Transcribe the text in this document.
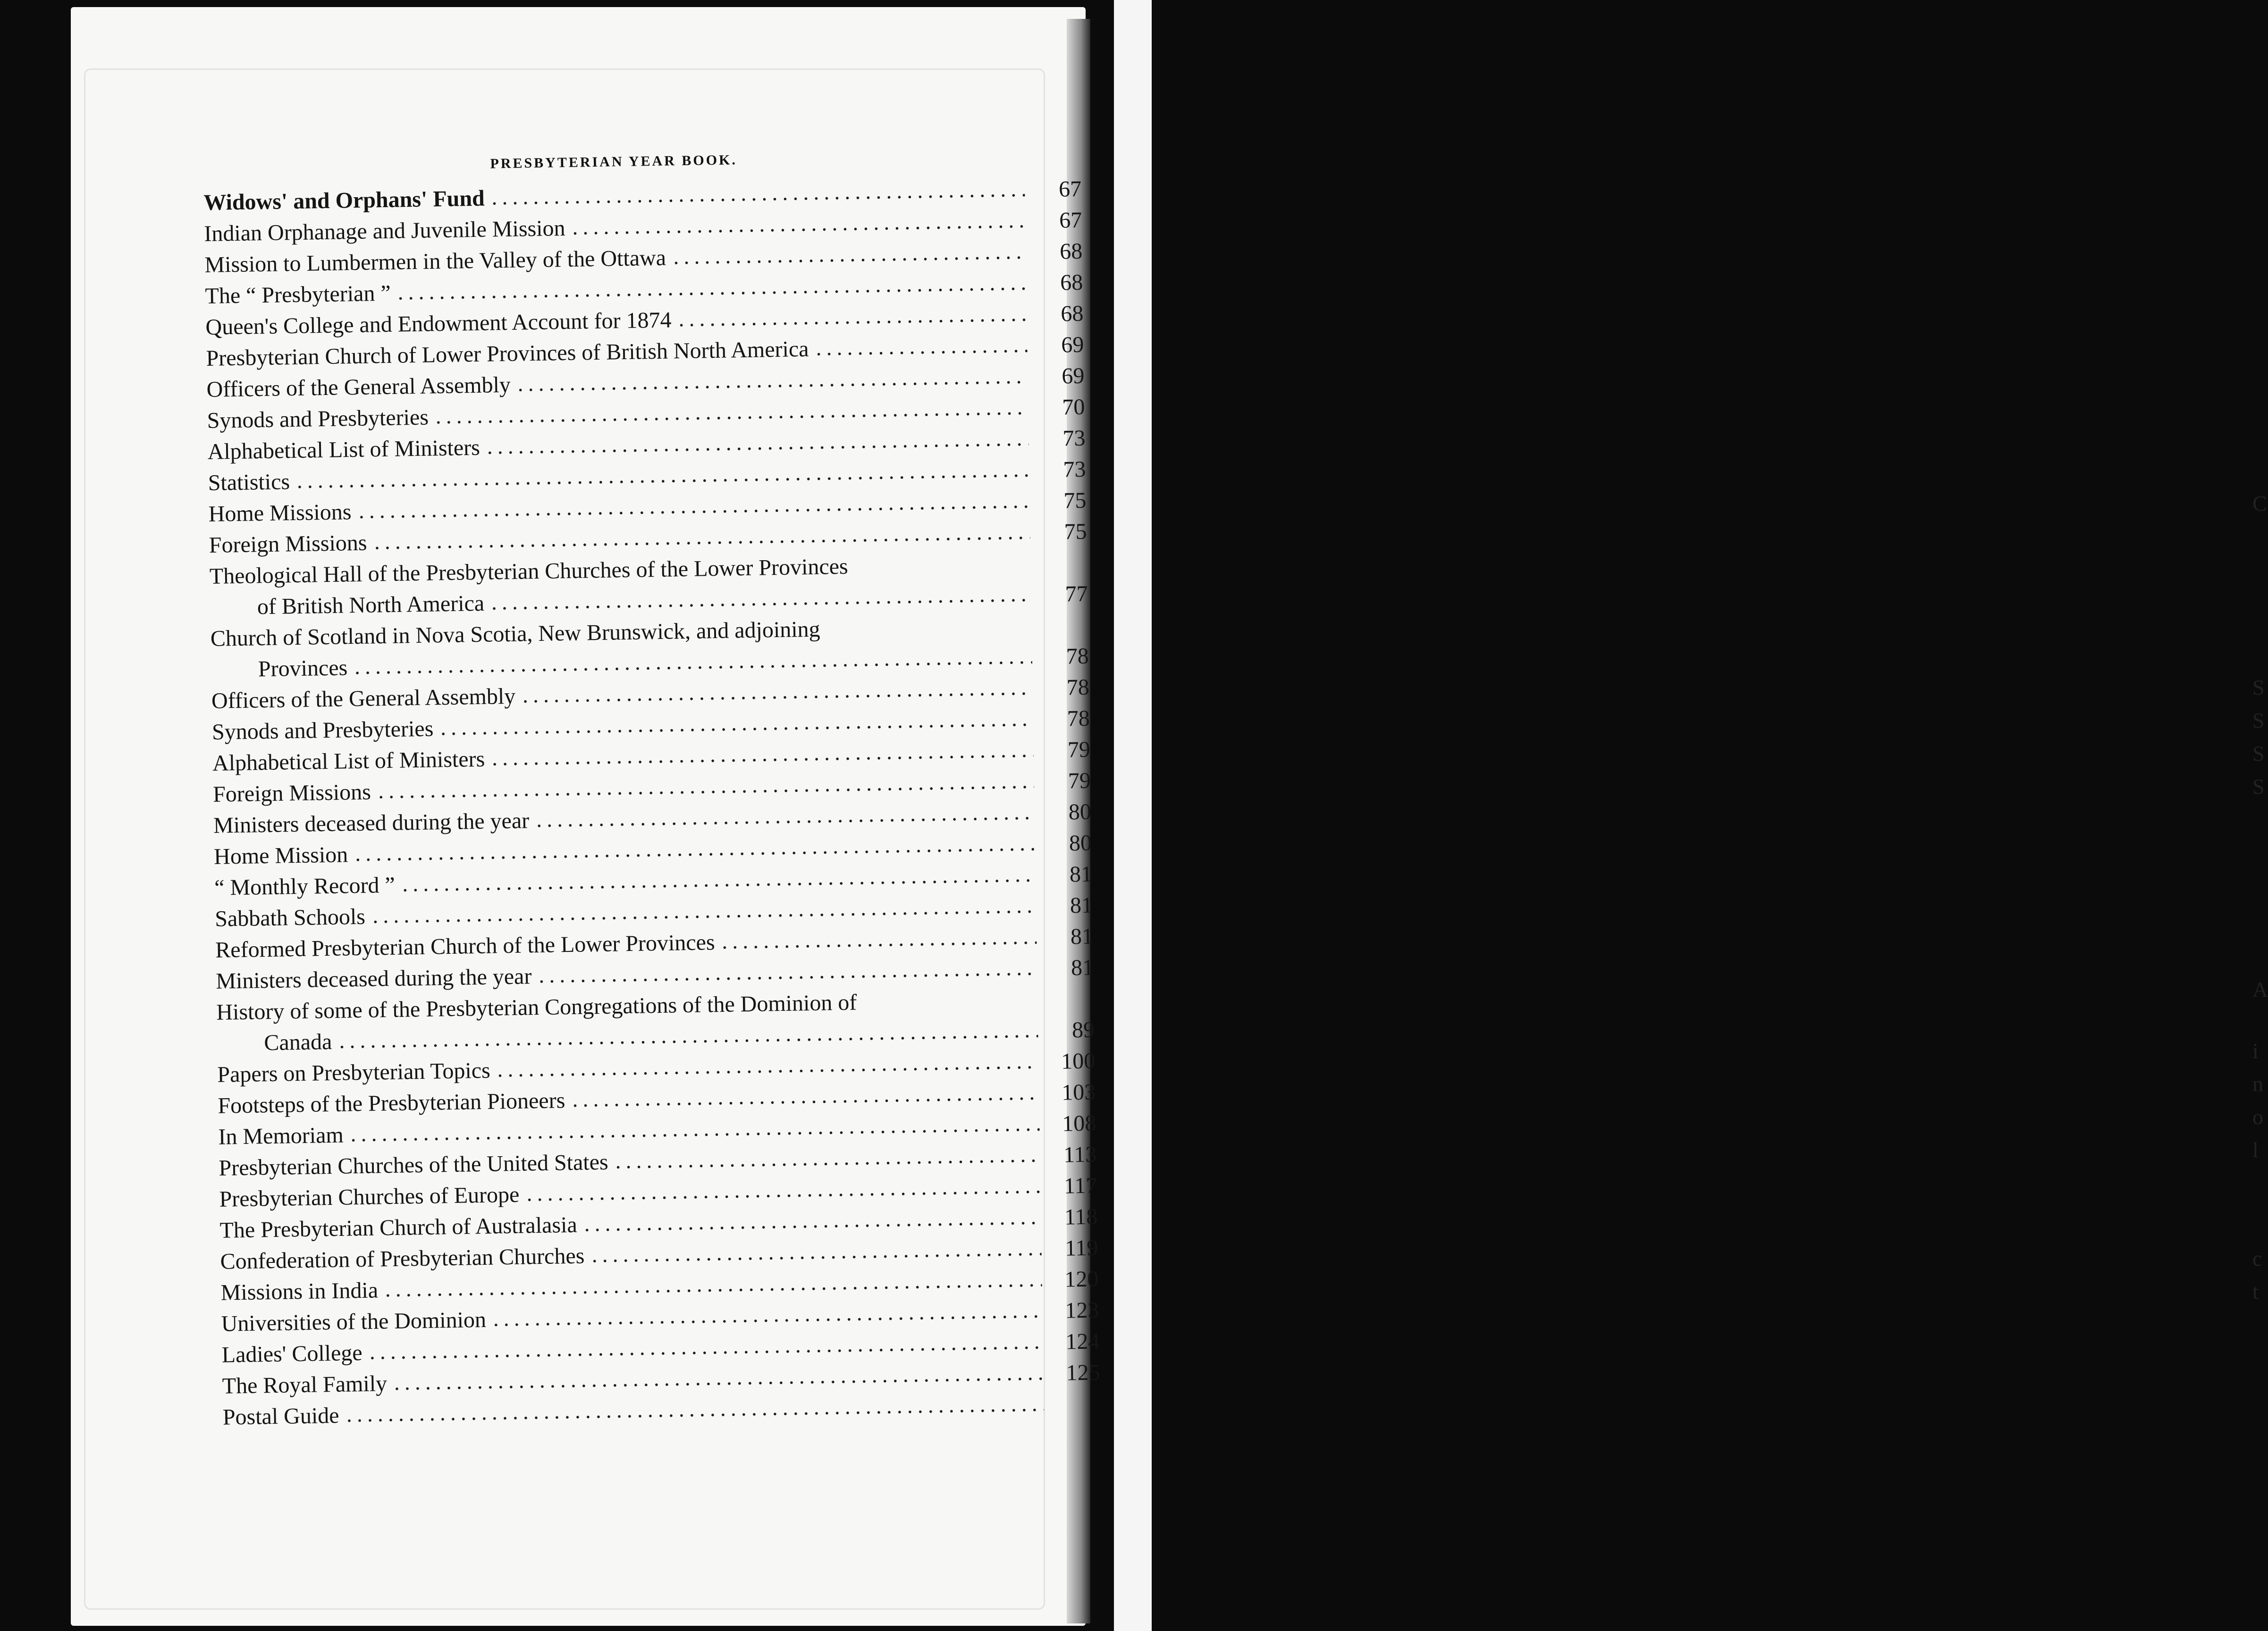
C
S
S
S
S
A
i
n
o
l
c
t
PRESBYTERIAN YEAR BOOK.
Widows' and Orphans' Fund	67
Indian Orphanage and Juvenile Mission	67
Mission to Lumbermen in the Valley of the Ottawa	68
The “ Presbyterian ”	68
Queen's College and Endowment Account for 1874	68
Presbyterian Church of Lower Provinces of British North America	69
Officers of the General Assembly	69
Synods and Presbyteries	70
Alphabetical List of Ministers	73
Statistics	73
Home Missions	75
Foreign Missions	75
Theological Hall of the Presbyterian Churches of the Lower Provinces
of British North America	77
Church of Scotland in Nova Scotia, New Brunswick, and adjoining
Provinces	78
Officers of the General Assembly	78
Synods and Presbyteries	78
Alphabetical List of Ministers	79
Foreign Missions	79
Ministers deceased during the year	80
Home Mission	80
“ Monthly Record ”	81
Sabbath Schools	81
Reformed Presbyterian Church of the Lower Provinces	81
Ministers deceased during the year	81
History of some of the Presbyterian Congregations of the Dominion of
Canada	89
Papers on Presbyterian Topics	100
Footsteps of the Presbyterian Pioneers	103
In Memoriam	108
Presbyterian Churches of the United States	113
Presbyterian Churches of Europe	117
The Presbyterian Church of Australasia	118
Confederation of Presbyterian Churches	119
Missions in India	120
Universities of the Dominion	123
Ladies' College	124
The Royal Family	125
Postal Guide
